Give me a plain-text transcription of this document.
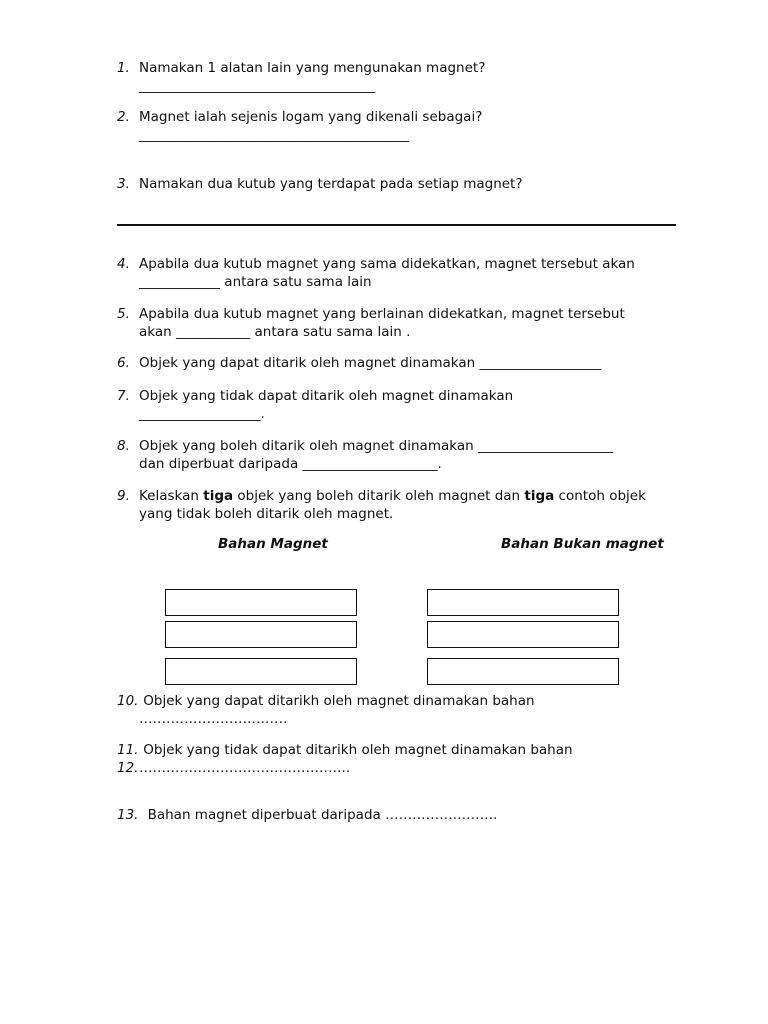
1. Namakan 1 alatan lain yang mengunakan magnet?
___________________________________
2. Magnet ialah sejenis logam yang dikenali sebagai?
________________________________________
3. Namakan dua kutub yang terdapat pada setiap magnet?
4. Apabila dua kutub magnet yang sama didekatkan, magnet tersebut akan
____________ antara satu sama lain
5. Apabila dua kutub magnet yang berlainan didekatkan, magnet tersebut
akan ___________ antara satu sama lain .
6. Objek yang dapat ditarik oleh magnet dinamakan __________________
7. Objek yang tidak dapat ditarik oleh magnet dinamakan
__________________.
8. Objek yang boleh ditarik oleh magnet dinamakan ____________________
dan diperbuat daripada ____________________.
9. Kelaskan tiga objek yang boleh ditarik oleh magnet dan tiga contoh objek
yang tidak boleh ditarik oleh magnet.
Bahan Magnet	Bahan Bukan magnet
10. Objek yang dapat ditarikh oleh magnet dinamakan bahan
……………………………
11. Objek yang tidak dapat ditarikh oleh magnet dinamakan bahan
12. ………………………………………..
13. Bahan magnet diperbuat daripada …………………….
